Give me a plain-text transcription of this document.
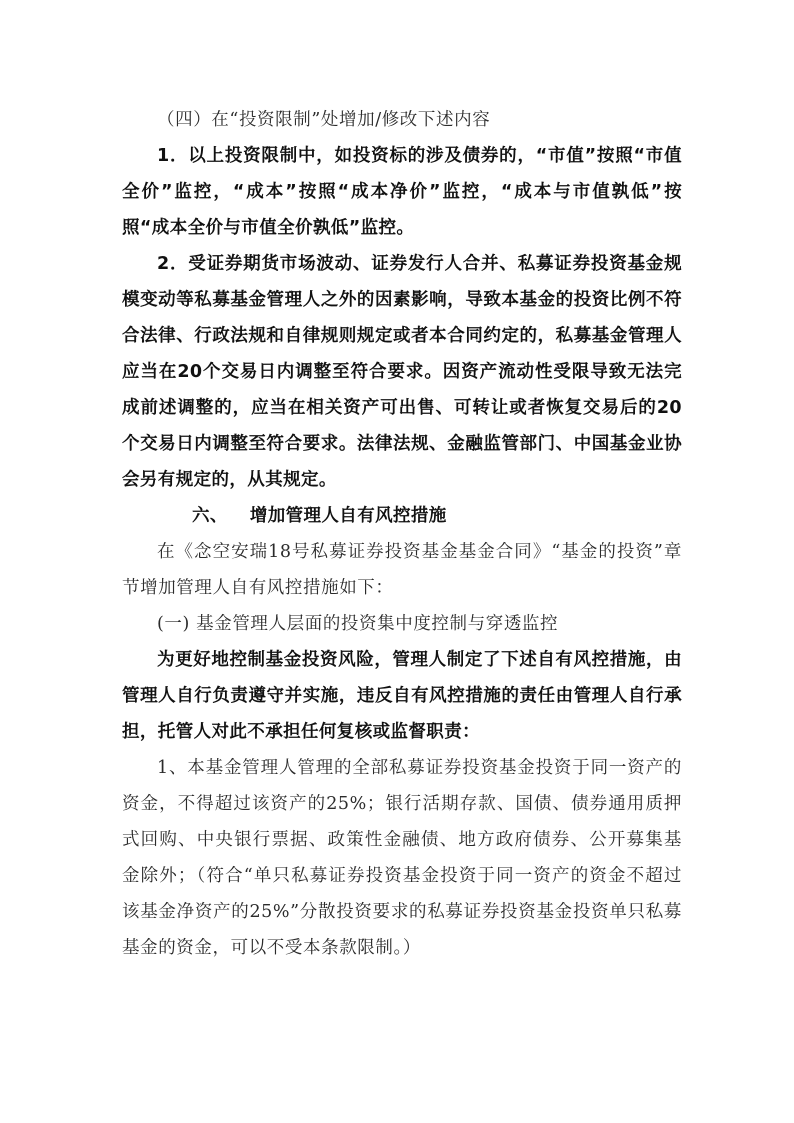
（四）在“投资限制”处增加/修改下述内容

1．以上投资限制中，如投资标的涉及债券的，“市值”按照“市值全价”监控，“成本”按照“成本净价”监控，“成本与市值孰低”按照“成本全价与市值全价孰低”监控。

2．受证券期货市场波动、证券发行人合并、私募证券投资基金规模变动等私募基金管理人之外的因素影响，导致本基金的投资比例不符合法律、行政法规和自律规则规定或者本合同约定的，私募基金管理人应当在20个交易日内调整至符合要求。因资产流动性受限导致无法完成前述调整的，应当在相关资产可出售、可转让或者恢复交易后的20个交易日内调整至符合要求。法律法规、金融监管部门、中国基金业协会另有规定的，从其规定。

六、 增加管理人自有风控措施

在《念空安瑞18号私募证券投资基金基金合同》“基金的投资”章节增加管理人自有风控措施如下：

(一) 基金管理人层面的投资集中度控制与穿透监控

为更好地控制基金投资风险，管理人制定了下述自有风控措施，由管理人自行负责遵守并实施，违反自有风控措施的责任由管理人自行承担，托管人对此不承担任何复核或监督职责：

1、本基金管理人管理的全部私募证券投资基金投资于同一资产的资金，不得超过该资产的25%；银行活期存款、国债、债券通用质押式回购、中央银行票据、政策性金融债、地方政府债券、公开募集基金除外；（符合“单只私募证券投资基金投资于同一资产的资金不超过该基金净资产的25%”分散投资要求的私募证券投资基金投资单只私募基金的资金，可以不受本条款限制。）
